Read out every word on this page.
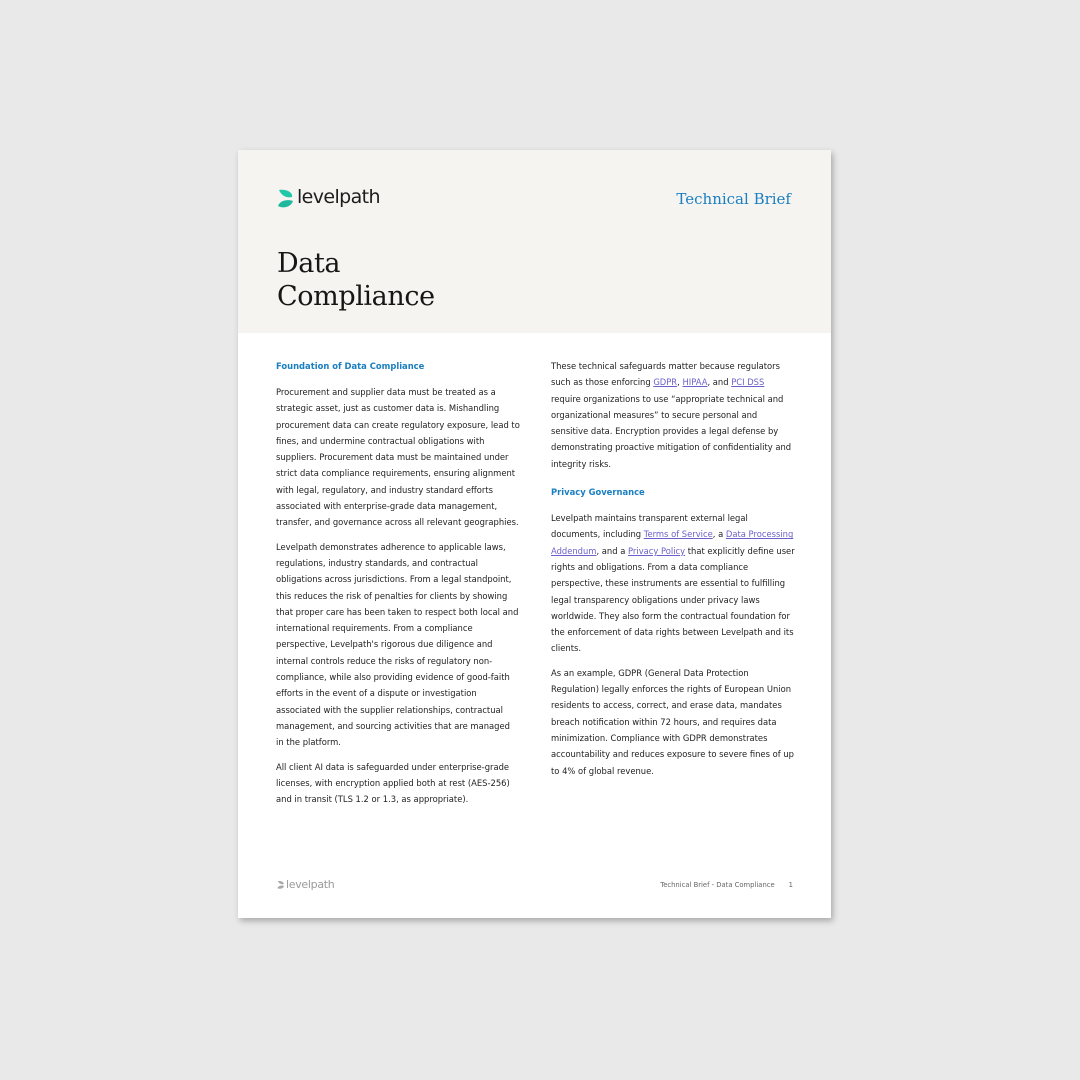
levelpath	Technical Brief
Data
Compliance
Foundation of Data Compliance

Procurement and supplier data must be treated as a strategic asset, just as customer data is. Mishandling procurement data can create regulatory exposure, lead to fines, and undermine contractual obligations with suppliers. Procurement data must be maintained under strict data compliance requirements, ensuring alignment with legal, regulatory, and industry standard efforts associated with enterprise-grade data management, transfer, and governance across all relevant geographies.

Levelpath demonstrates adherence to applicable laws, regulations, industry standards, and contractual obligations across jurisdictions. From a legal standpoint, this reduces the risk of penalties for clients by showing that proper care has been taken to respect both local and international requirements. From a compliance perspective, Levelpath's rigorous due diligence and internal controls reduce the risks of regulatory non-compliance, while also providing evidence of good-faith efforts in the event of a dispute or investigation associated with the supplier relationships, contractual management, and sourcing activities that are managed in the platform.

All client AI data is safeguarded under enterprise-grade licenses, with encryption applied both at rest (AES-256) and in transit (TLS 1.2 or 1.3, as appropriate).

These technical safeguards matter because regulators such as those enforcing GDPR, HIPAA, and PCI DSS require organizations to use “appropriate technical and organizational measures” to secure personal and sensitive data. Encryption provides a legal defense by demonstrating proactive mitigation of confidentiality and integrity risks.

Privacy Governance

Levelpath maintains transparent external legal documents, including Terms of Service, a Data Processing Addendum, and a Privacy Policy that explicitly define user rights and obligations. From a data compliance perspective, these instruments are essential to fulfilling legal transparency obligations under privacy laws worldwide. They also form the contractual foundation for the enforcement of data rights between Levelpath and its clients.

As an example, GDPR (General Data Protection Regulation) legally enforces the rights of European Union residents to access, correct, and erase data, mandates breach notification within 72 hours, and requires data minimization. Compliance with GDPR demonstrates accountability and reduces exposure to severe fines of up to 4% of global revenue.

levelpath	Technical Brief - Data Compliance 1
